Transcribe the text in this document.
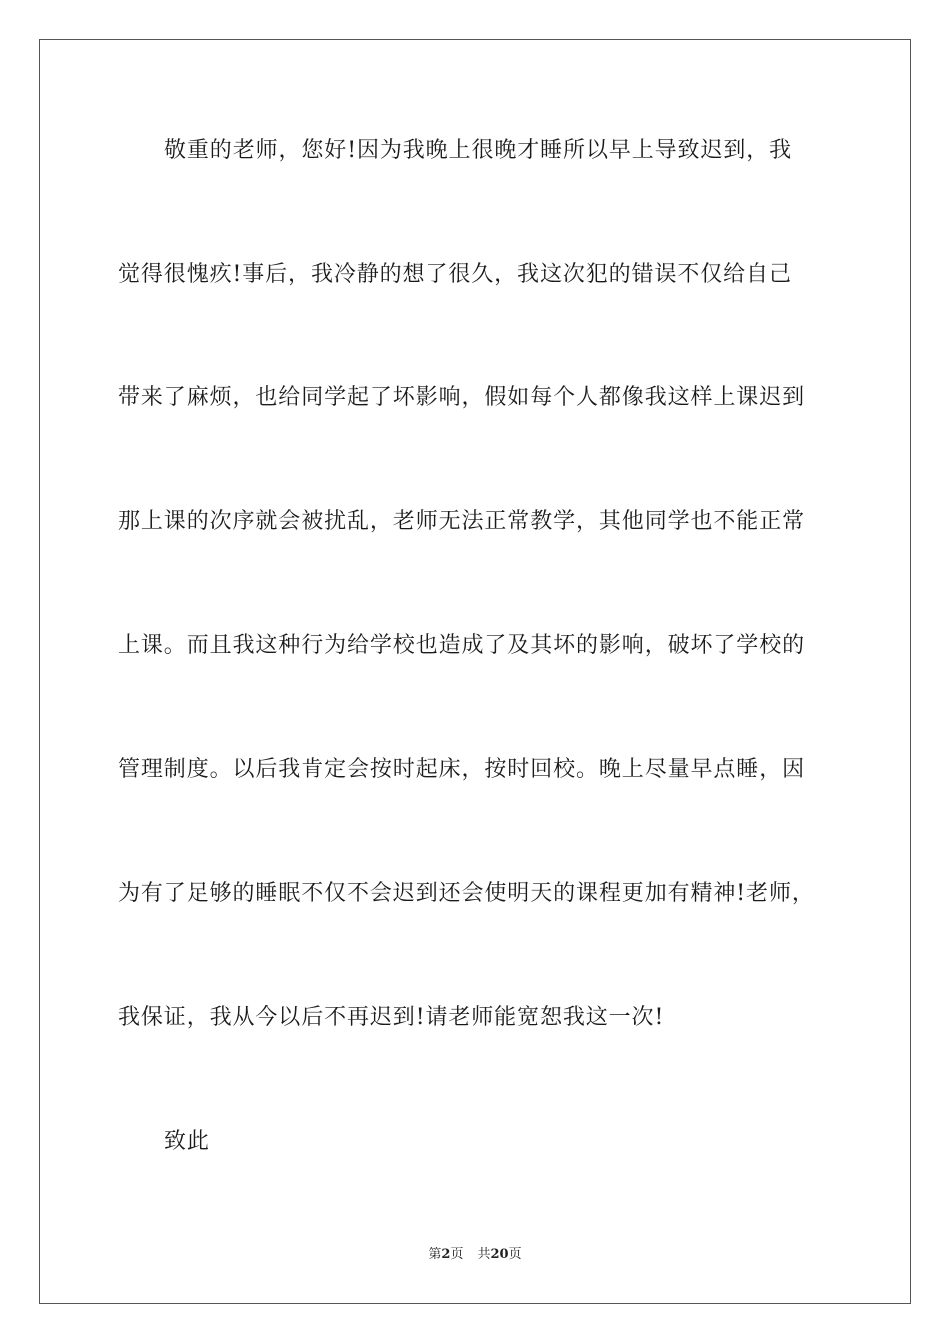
敬重的老师，您好!因为我晚上很晚才睡所以早上导致迟到，我
觉得很愧疚!事后，我冷静的想了很久，我这次犯的错误不仅给自己
带来了麻烦，也给同学起了坏影响，假如每个人都像我这样上课迟到
那上课的次序就会被扰乱，老师无法正常教学，其他同学也不能正常
上课。而且我这种行为给学校也造成了及其坏的影响，破坏了学校的
管理制度。以后我肯定会按时起床，按时回校。晚上尽量早点睡，因
为有了足够的睡眠不仅不会迟到还会使明天的课程更加有精神!老师，
我保证，我从今以后不再迟到!请老师能宽恕我这一次!
致此
第2页 共20页
